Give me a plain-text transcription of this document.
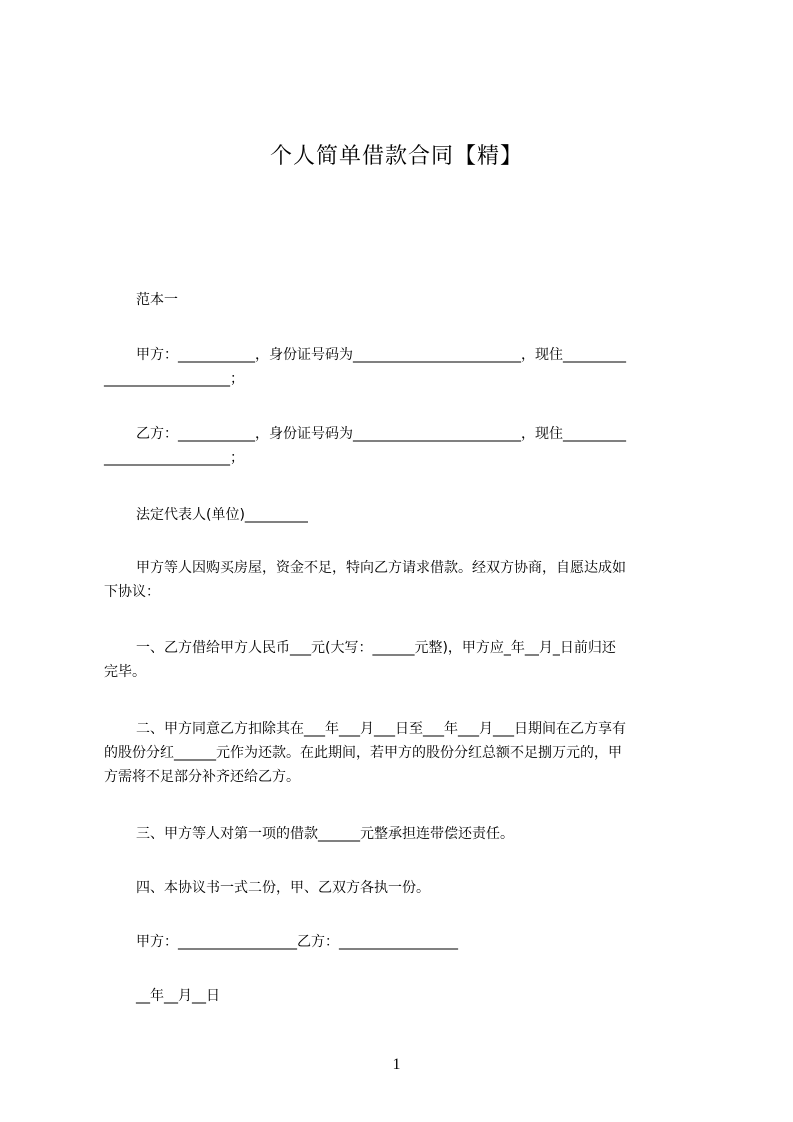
个人简单借款合同【精】
范本一
甲方：___________，身份证号码为________________________，现住_________
__________________；
乙方：___________，身份证号码为________________________，现住_________
__________________；
法定代表人(单位)_________
甲方等人因购买房屋，资金不足，特向乙方请求借款。经双方协商，自愿达成如
下协议：
一、乙方借给甲方人民币___元(大写：______元整)，甲方应_年__月_日前归还
完毕。
二、甲方同意乙方扣除其在___年___月___日至___年___月___日期间在乙方享有
的股份分红______元作为还款。在此期间，若甲方的股份分红总额不足捌万元的，甲
方需将不足部分补齐还给乙方。
三、甲方等人对第一项的借款______元整承担连带偿还责任。
四、本协议书一式二份，甲、乙双方各执一份。
甲方：_________________乙方：_________________
__年__月__日
1
